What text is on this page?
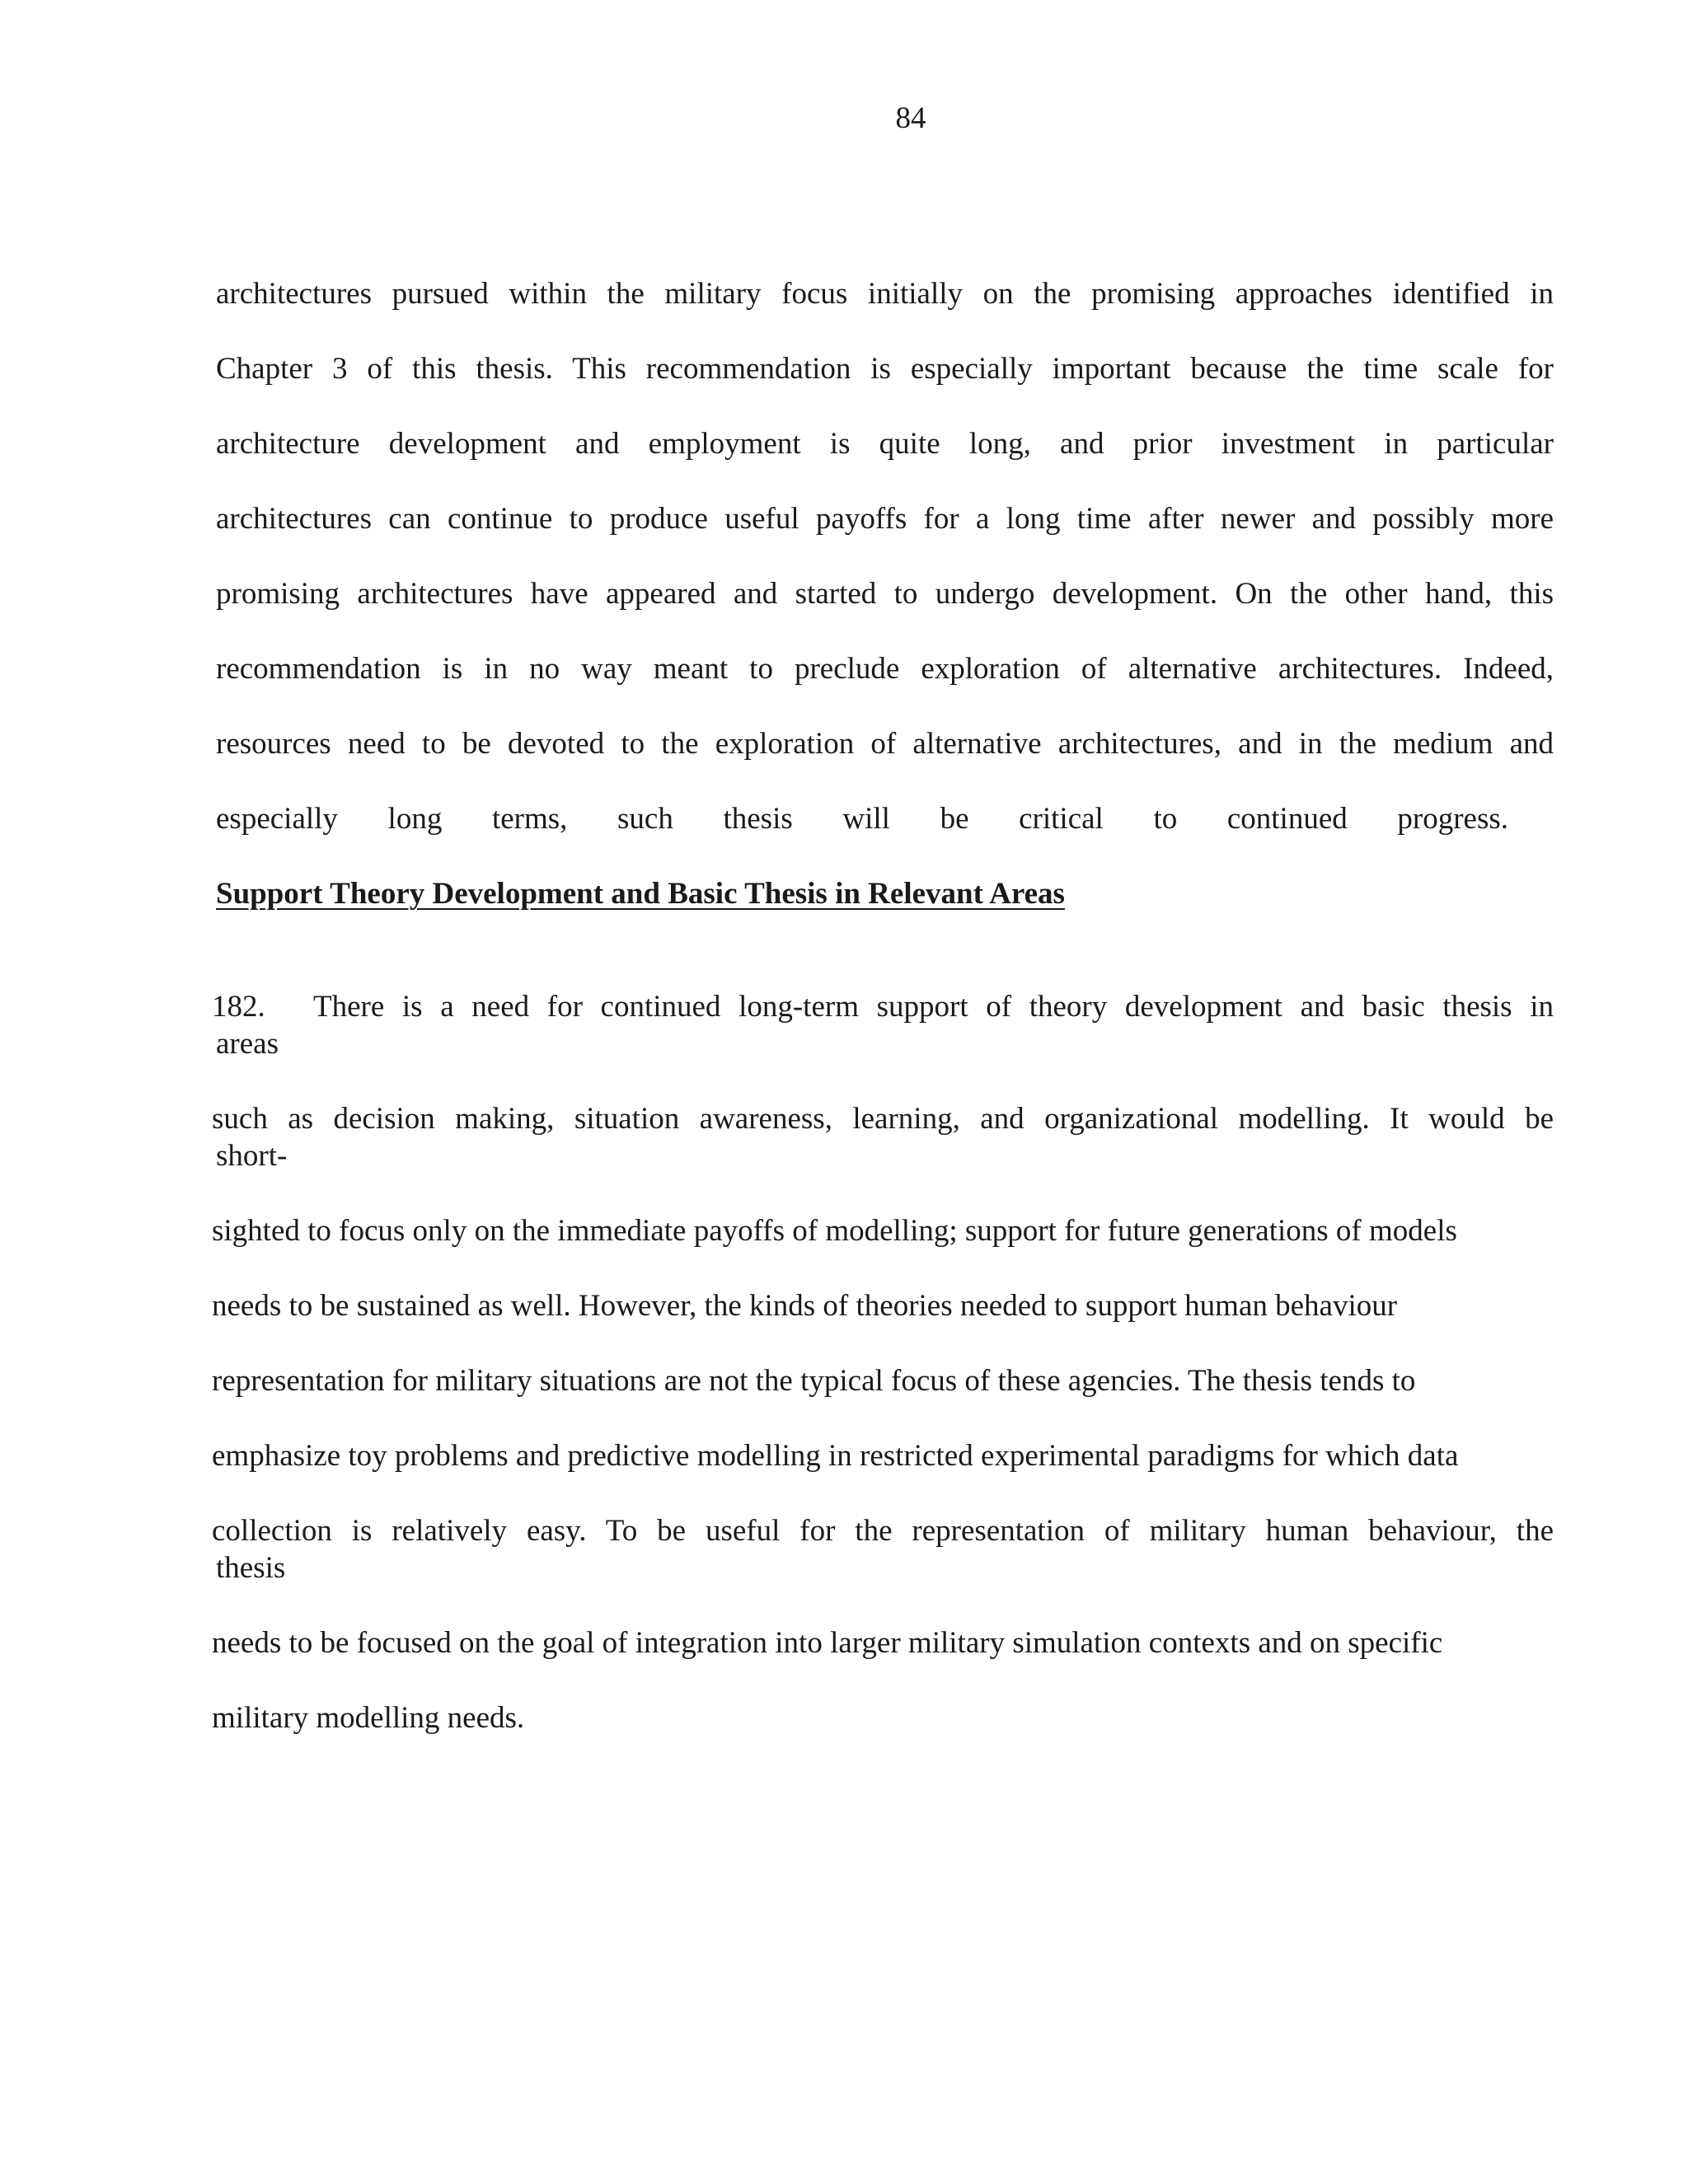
84
architectures pursued within the military focus initially on the promising approaches identified in
Chapter 3 of this thesis. This recommendation is especially important because the time scale for
architecture development and employment is quite long, and prior investment in particular
architectures can continue to produce useful payoffs for a long time after newer and possibly more
promising architectures have appeared and started to undergo development. On the other hand, this
recommendation is in no way meant to preclude exploration of alternative architectures. Indeed,
resources need to be devoted to the exploration of alternative architectures, and in the medium and
especially long terms, such thesis will be critical to continued progress.
Support Theory Development and Basic Thesis in Relevant Areas
182. There is a need for continued long-term support of theory development and basic thesis in
areas
such as decision making, situation awareness, learning, and organizational modelling. It would be
short-
sighted to focus only on the immediate payoffs of modelling; support for future generations of models
needs to be sustained as well. However, the kinds of theories needed to support human behaviour
representation for military situations are not the typical focus of these agencies. The thesis tends to
emphasize toy problems and predictive modelling in restricted experimental paradigms for which data
collection is relatively easy. To be useful for the representation of military human behaviour, the
thesis
needs to be focused on the goal of integration into larger military simulation contexts and on specific
military modelling needs.
